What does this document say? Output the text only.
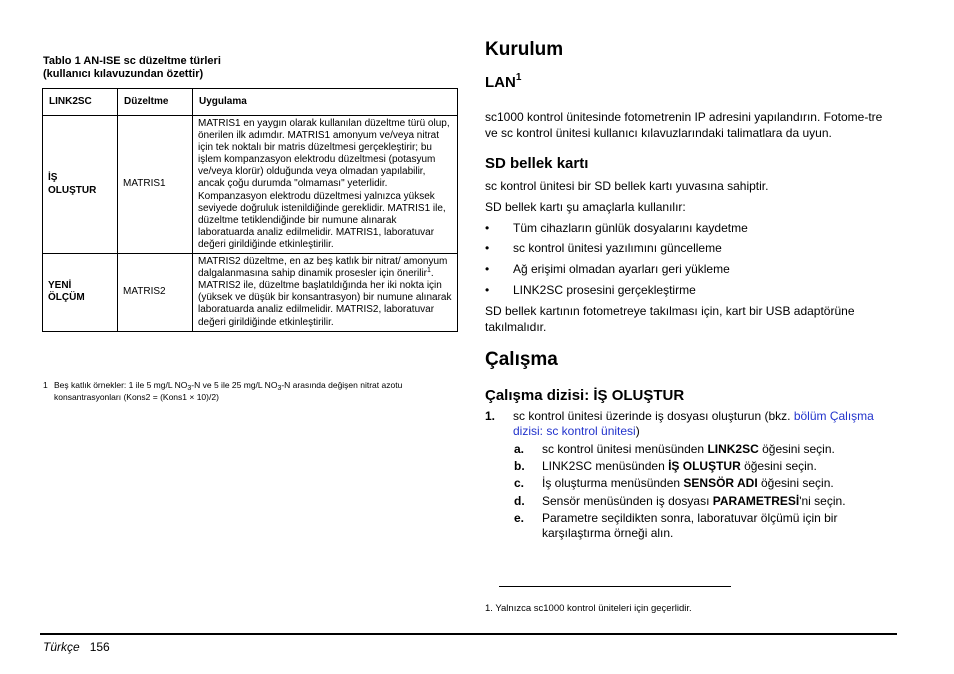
Tablo 1 AN-ISE sc düzeltme türleri
(kullanıcı kılavuzundan özettir)
LINK2SC	Düzeltme	Uygulama

İŞ
OLUŞTUR	MATRIS1	MATRIS1 en yaygın olarak kullanılan düzeltme türü olup, önerilen ilk adımdır. MATRIS1 amonyum ve/veya nitrat için tek noktalı bir matris düzeltmesi gerçekleştirir; bu işlem kompanzasyon elektrodu düzeltmesi (potasyum ve/veya klorür) olduğunda veya olmadan yapılabilir, ancak çoğu durumda "olmaması" yeterlidir. Kompanzasyon elektrodu düzeltmesi yalnızca yüksek seviyede doğruluk istenildiğinde gereklidir. MATRIS1 ile, düzeltme tetiklendiğinde bir numune alınarak laboratuarda analiz edilmelidir. MATRIS1, laboratuvar değeri girildiğinde etkinleştirilir.

YENİ
ÖLÇÜM	MATRIS2	MATRIS2 düzeltme, en az beş katlık bir nitrat/ amonyum dalgalanmasına sahip dinamik prosesler için önerilir$^1$. MATRIS2 ile, düzeltme başlatıldığında her iki nokta için (yüksek ve düşük bir konsantrasyon) bir numune alınarak laboratuarda analiz edilmelidir. MATRIS2, laboratuvar değeri girildiğinde etkinleştirilir.
1 Beş katlık örnekler: 1 ile 5 mg/L $NO_3-N$ ve 5 ile 25 mg/L $NO_3-N$ arasında değişen nitrat azotu konsantrasyonları (Kons2 = (Kons1 × 10)/2)
Kurulum
LAN$^1$
sc1000 kontrol ünitesinde fotometrenin IP adresini yapılandırın. Fotome-tre ve sc kontrol ünitesi kullanıcı kılavuzlarındaki talimatlara da uyun.
SD bellek kartı
sc kontrol ünitesi bir SD bellek kartı yuvasına sahiptir.
SD bellek kartı şu amaçlarla kullanılır:
• Tüm cihazların günlük dosyalarını kaydetme
• sc kontrol ünitesi yazılımını güncelleme
• Ağ erişimi olmadan ayarları geri yükleme
• LINK2SC prosesini gerçekleştirme
SD bellek kartının fotometreye takılması için, kart bir USB adaptörüne takılmalıdır.
Çalışma
Çalışma dizisi: İŞ OLUŞTUR
1. sc kontrol ünitesi üzerinde iş dosyası oluşturun (bkz. bölüm Çalışma dizisi: sc kontrol ünitesi)
a. sc kontrol ünitesi menüsünden LINK2SC öğesini seçin.
b. LINK2SC menüsünden İŞ OLUŞTUR öğesini seçin.
c. İş oluşturma menüsünden SENSÖR ADI öğesini seçin.
d. Sensör menüsünden iş dosyası PARAMETRESİ'ni seçin.
e. Parametre seçildikten sonra, laboratuvar ölçümü için bir karşılaştırma örneği alın.
1. Yalnızca sc1000 kontrol üniteleri için geçerlidir.
Türkçe 156
